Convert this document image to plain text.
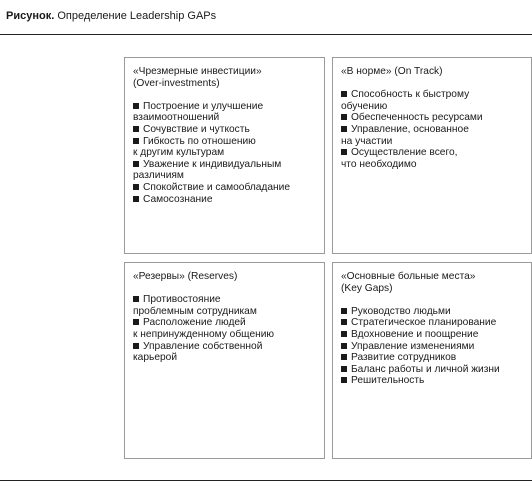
Рисунок. Определение Leadership GAPs
«Чрезмерные инвестиции»
(Over-investments)
Построение и улучшение
взаимоотношений
Сочувствие и чуткость
Гибкость по отношению
к другим культурам
Уважение к индивидуальным
различиям
Спокойствие и самообладание
Самосознание
«В норме» (On Track)
Способность к быстрому
обучению
Обеспеченность ресурсами
Управление, основанное
на участии
Осуществление всего,
что необходимо
«Резервы» (Reserves)
Противостояние
проблемным сотрудникам
Расположение людей
к непринужденному общению
Управление собственной
карьерой
«Основные больные места»
(Key Gaps)
Руководство людьми
Стратегическое планирование
Вдохновение и поощрение
Управление изменениями
Развитие сотрудников
Баланс работы и личной жизни
Решительность
